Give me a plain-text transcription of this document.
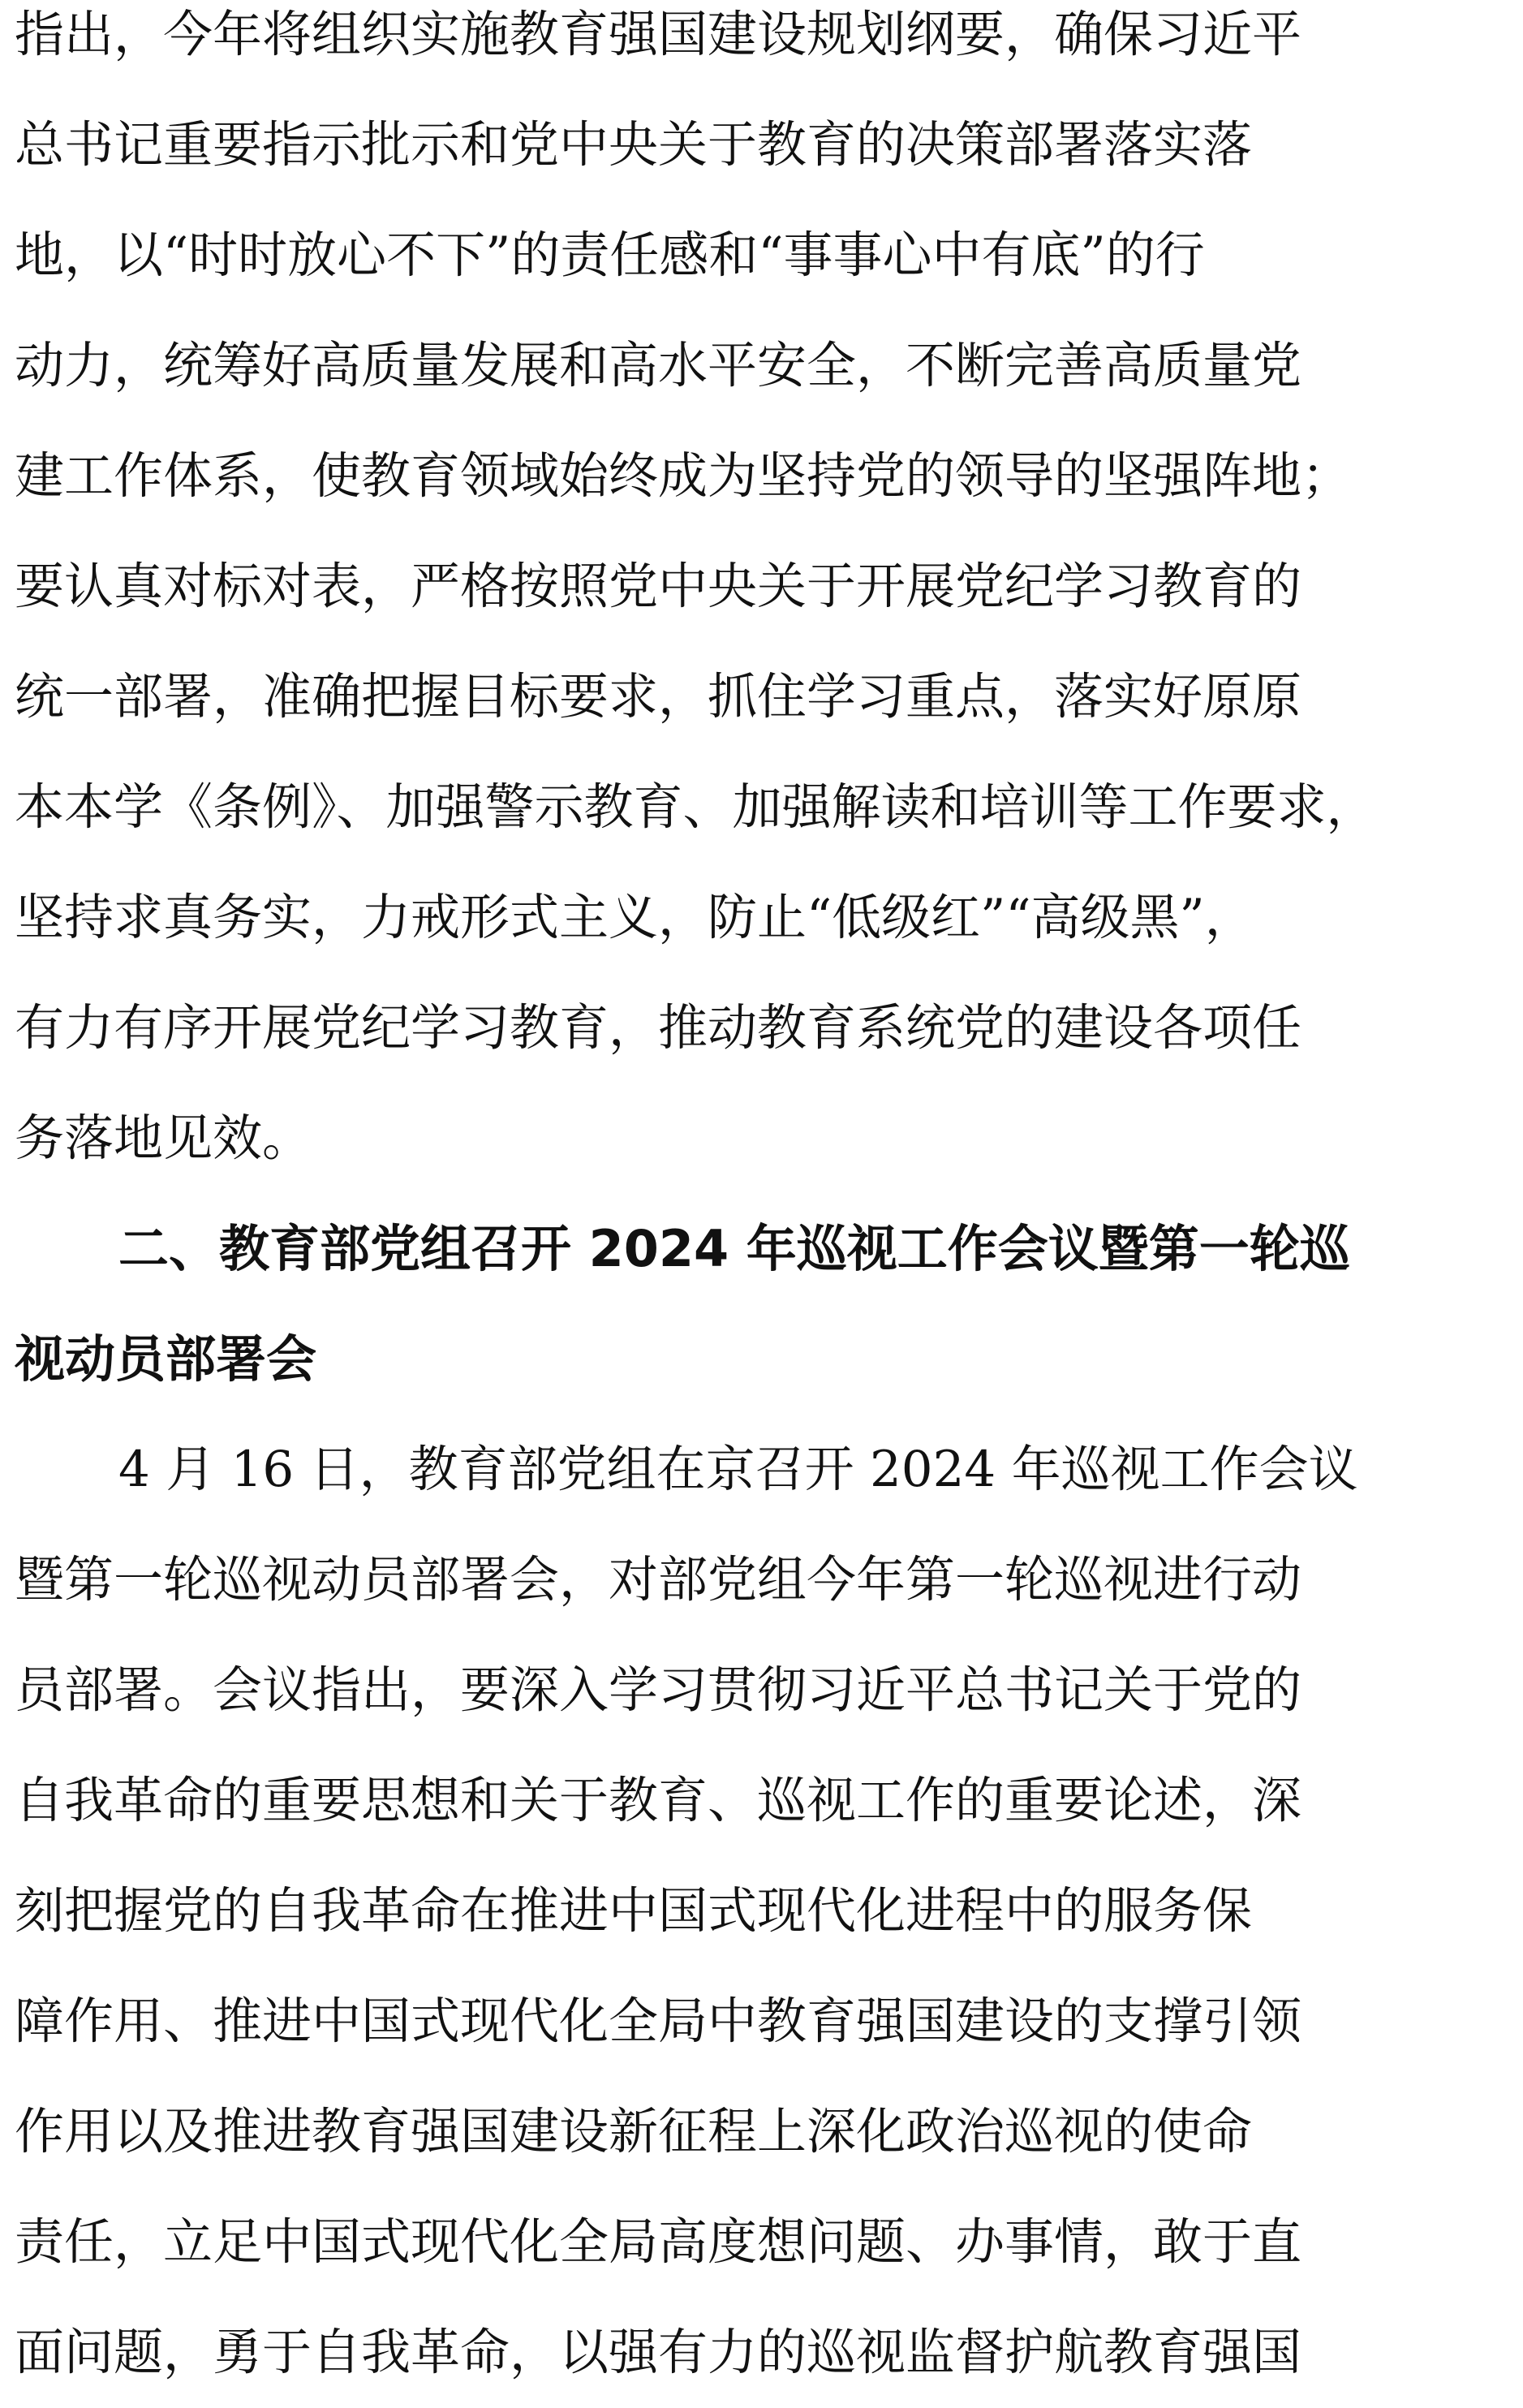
指出，今年将组织实施教育强国建设规划纲要，确保习近平
总书记重要指示批示和党中央关于教育的决策部署落实落
地，以“时时放心不下”的责任感和“事事心中有底”的行
动力，统筹好高质量发展和高水平安全，不断完善高质量党
建工作体系，使教育领域始终成为坚持党的领导的坚强阵地；
要认真对标对表，严格按照党中央关于开展党纪学习教育的
统一部署，准确把握目标要求，抓住学习重点，落实好原原
本本学《条例》、加强警示教育、加强解读和培训等工作要求，
坚持求真务实，力戒形式主义，防止“低级红”“高级黑”，
有力有序开展党纪学习教育，推动教育系统党的建设各项任
务落地见效。
二、教育部党组召开 2024 年巡视工作会议暨第一轮巡
视动员部署会
4 月 16 日，教育部党组在京召开 2024 年巡视工作会议
暨第一轮巡视动员部署会，对部党组今年第一轮巡视进行动
员部署。会议指出，要深入学习贯彻习近平总书记关于党的
自我革命的重要思想和关于教育、巡视工作的重要论述，深
刻把握党的自我革命在推进中国式现代化进程中的服务保
障作用、推进中国式现代化全局中教育强国建设的支撑引领
作用以及推进教育强国建设新征程上深化政治巡视的使命
责任，立足中国式现代化全局高度想问题、办事情，敢于直
面问题，勇于自我革命，以强有力的巡视监督护航教育强国
